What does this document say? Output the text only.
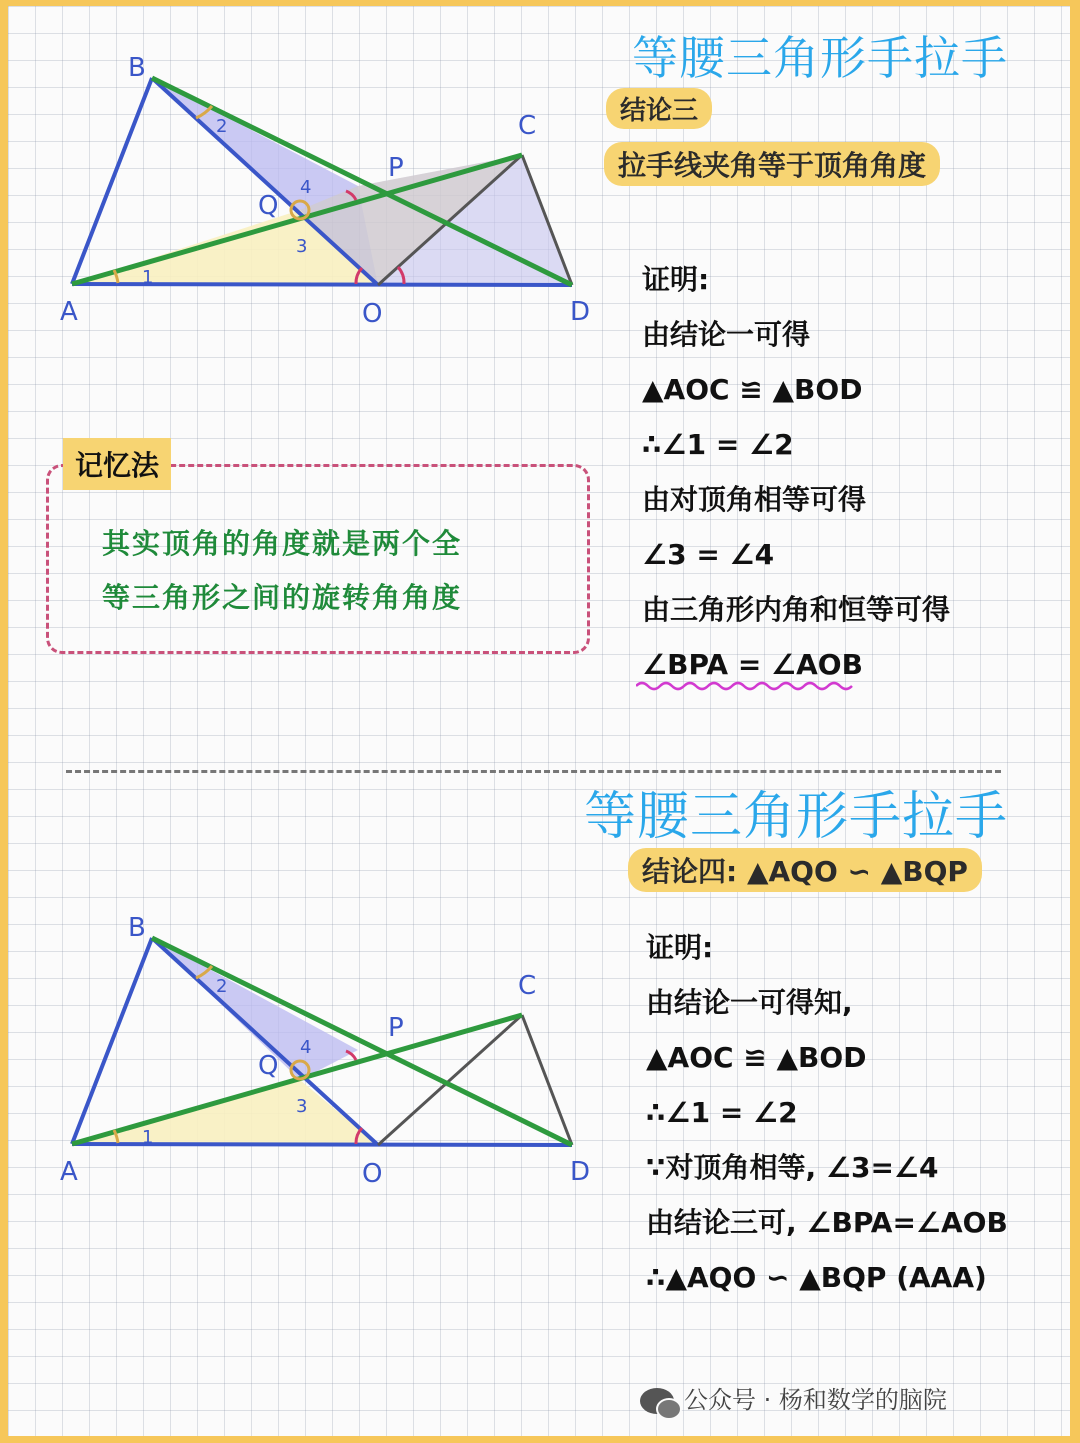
等腰三角形手拉手
结论三
拉手线夹角等于顶角角度
B
C
P
Q
A	O	D
1
2
3
4
证明:
由结论一可得
▲AOC ≌ ▲BOD
∴∠1 = ∠2
由对顶角相等可得
∠3 = ∠4
由三角形内角和恒等可得
∠BPA = ∠AOB
记忆法
其实顶角的角度就是两个全
等三角形之间的旋转角角度
等腰三角形手拉手
结论四: ▲AQO ∽ ▲BQP
B
C
P
Q
A	O	D
1
2
3
4
证明:
由结论一可得知,
▲AOC ≌ ▲BOD
∴∠1 = ∠2
∵对顶角相等, ∠3=∠4
由结论三可, ∠BPA=∠AOB
∴▲AQO ∽ ▲BQP (AAA)
公众号 · 杨和数学的脑院
